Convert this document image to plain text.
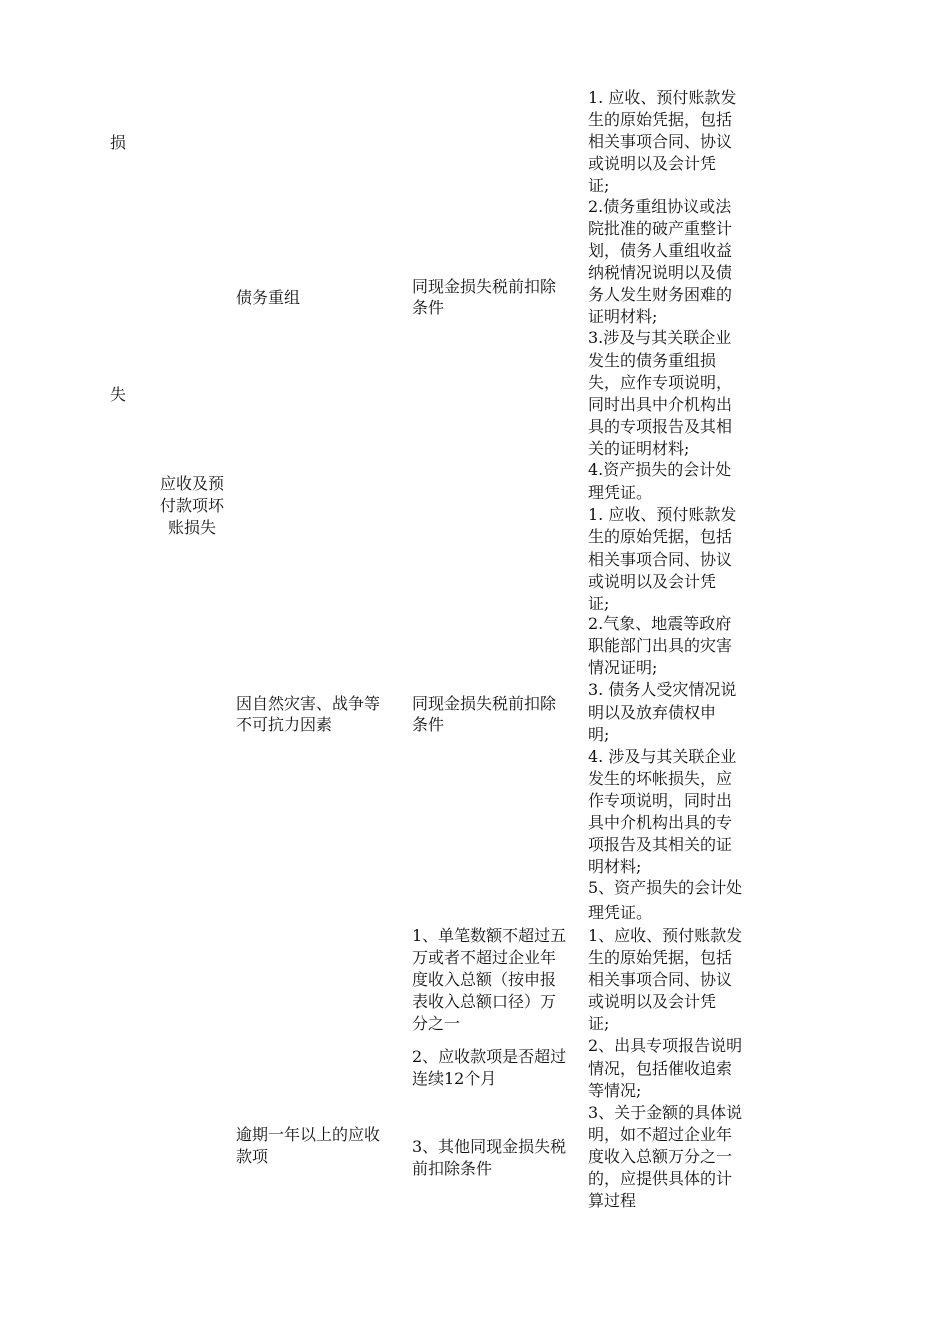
损
失
应收及预
付款项坏
账损失
债务重组
同现金损失税前扣除
条件
1. 应收、预付账款发
生的原始凭据，包括
相关事项合同、协议
或说明以及会计凭
证;
2.债务重组协议或法
院批准的破产重整计
划，债务人重组收益
纳税情况说明以及债
务人发生财务困难的
证明材料;
3.涉及与其关联企业
发生的债务重组损
失，应作专项说明，
同时出具中介机构出
具的专项报告及其相
关的证明材料;
4.资产损失的会计处
理凭证。
因自然灾害、战争等
不可抗力因素
同现金损失税前扣除
条件
1. 应收、预付账款发
生的原始凭据，包括
相关事项合同、协议
或说明以及会计凭
证;
2.气象、地震等政府
职能部门出具的灾害
情况证明;
3. 债务人受灾情况说
明以及放弃债权申
明;
4. 涉及与其关联企业
发生的坏帐损失，应
作专项说明，同时出
具中介机构出具的专
项报告及其相关的证
明材料;
5、资产损失的会计处
理凭证。
逾期一年以上的应收
款项
1、单笔数额不超过五
万或者不超过企业年
度收入总额（按申报
表收入总额口径）万
分之一
2、应收款项是否超过
连续12个月
3、其他同现金损失税
前扣除条件
1、应收、预付账款发
生的原始凭据，包括
相关事项合同、协议
或说明以及会计凭
证;
2、出具专项报告说明
情况，包括催收追索
等情况;
3、关于金额的具体说
明，如不超过企业年
度收入总额万分之一
的，应提供具体的计
算过程
